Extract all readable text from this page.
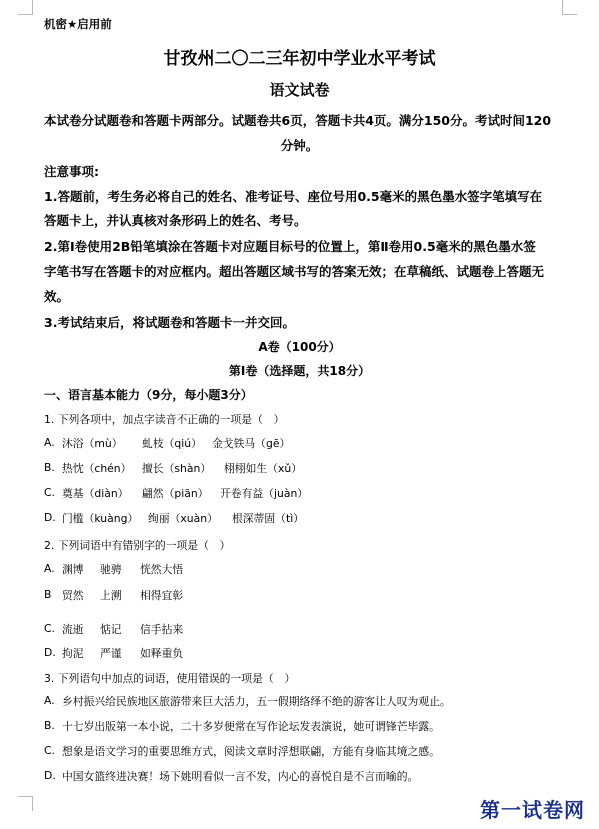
机密★启用前
甘孜州二〇二三年初中学业水平考试
语文试卷
本试卷分试题卷和答题卡两部分。试题卷共6页，答题卡共4页。满分150分。考试时间120
分钟。
注意事项:
1.答题前，考生务必将自己的姓名、准考证号、座位号用0.5毫米的黑色墨水签字笔填写在
答题卡上，并认真核对条形码上的姓名、考号。
2.第Ⅰ卷使用2B铅笔填涂在答题卡对应题目标号的位置上，第Ⅱ卷用0.5毫米的黑色墨水签
字笔书写在答题卡的对应框内。超出答题区域书写的答案无效；在草稿纸、试题卷上答题无
效。
3.考试结束后，将试题卷和答题卡一并交回。
A卷（100分）
第Ⅰ卷（选择题，共18分）
一、语言基本能力（9分，每小题3分）
1. 下列各项中，加点字读音不正确的一项是（　）
A. 沐浴（mù） 虬枝（qiú） 金戈铁马（gē）
B. 热忱（chén） 擅长（shàn） 栩栩如生（xǔ）
C. 奠基（diàn） 翩然（piān） 开卷有益（juàn）
D. 门槛（kuàng） 绚丽（xuàn） 根深蒂固（tì）
2. 下列词语中有错别字的一项是（　）
A. 渊博 驰骋 恍然大悟
B 贸然 上溯 相得宜彰
C. 流逝 惦记 信手拈来
D. 拘泥 严谨 如释重负
3. 下列语句中加点的词语，使用错误的一项是（　）
A. 乡村振兴给民族地区旅游带来巨大活力，五一假期络绎不绝的游客让人叹为观止。
B. 十七岁出版第一本小说，二十多岁便常在写作论坛发表演说，她可谓锋芒毕露。
C. 想象是语文学习的重要思维方式，阅读文章时浮想联翩，方能有身临其境之感。
D. 中国女篮终进决赛！场下姚明看似一言不发，内心的喜悦自是不言而喻的。
第一试卷网
